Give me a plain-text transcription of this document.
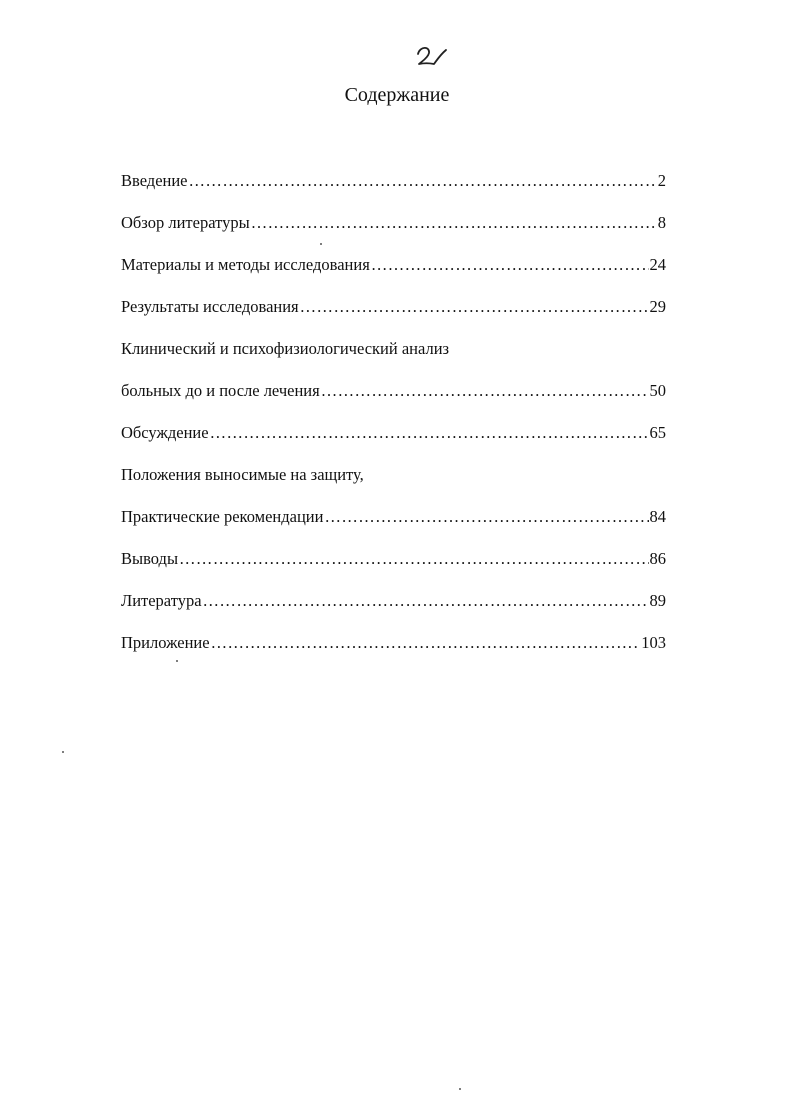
Содержание
Введение …………………………………………………………………………………………………………………………………………	2
Обзор литературы …………………………………………………………………………………………………………………………………………	8
Материалы и методы исследования …………………………………………………………………………………………………………………………………………	24
Результаты исследования …………………………………………………………………………………………………………………………………………	29
Клинический и психофизиологический анализ
больных до и после лечения …………………………………………………………………………………………………………………………………………	50
Обсуждение …………………………………………………………………………………………………………………………………………	65
Положения выносимые на защиту,
Практические рекомендации …………………………………………………………………………………………………………………………………………	84
Выводы …………………………………………………………………………………………………………………………………………	86
Литература …………………………………………………………………………………………………………………………………………	89
Приложение …………………………………………………………………………………………………………………………………………	103
